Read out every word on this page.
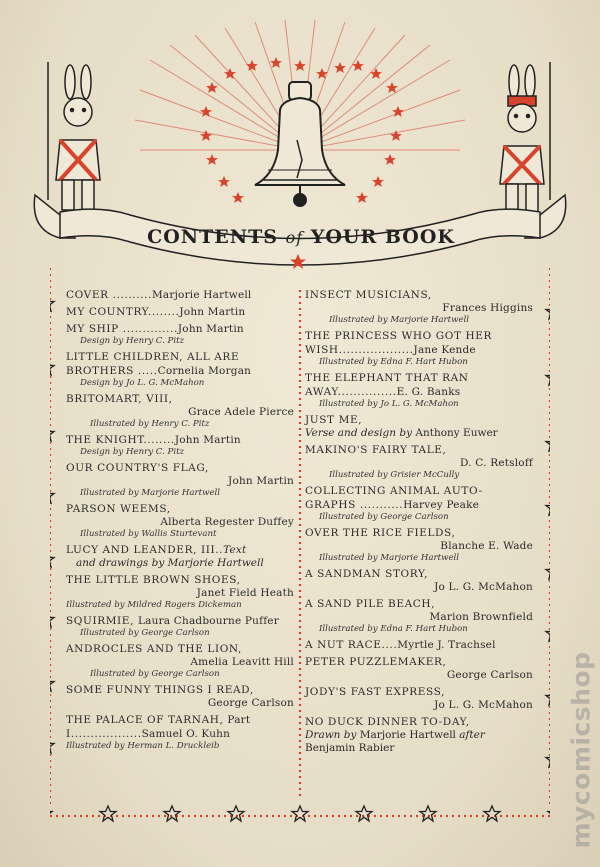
CONTENTS of YOUR BOOK
COVER ..........Marjorie Hartwell
MY COUNTRY........John Martin
MY SHIP ..............John Martin
Design by Henry C. Pitz
LITTLE CHILDREN, ALL ARE
BROTHERS .....Cornelia Morgan
Design by Jo L. G. McMahon
BRITOMART, VIII,
Grace Adele Pierce
Illustrated by Henry C. Pitz
THE KNIGHT........John Martin
Design by Henry C. Pitz
OUR COUNTRY'S FLAG,
John Martin
Illustrated by Marjorie Hartwell
PARSON WEEMS,
Alberta Regester Duffey
Illustrated by Wallis Sturtevant
LUCY AND LEANDER, III..Text
and drawings by Marjorie Hartwell
THE LITTLE BROWN SHOES,
Janet Field Heath
Illustrated by Mildred Rogers Dickeman
SQUIRMIE, Laura Chadbourne Puffer
Illustrated by George Carlson
ANDROCLES AND THE LION,
Amelia Leavitt Hill
Illustrated by George Carlson
SOME FUNNY THINGS I READ,
George Carlson
THE PALACE OF TARNAH, Part
I..................Samuel O. Kuhn
Illustrated by Herman L. Druckleib
INSECT MUSICIANS,
Frances Higgins
Illustrated by Marjorie Hartwell
THE PRINCESS WHO GOT HER
WISH...................Jane Kende
Illustrated by Edna F. Hart Hubon
THE ELEPHANT THAT RAN
AWAY...............E. G. Banks
Illustrated by Jo L. G. McMahon
JUST ME,
Verse and design by Anthony Euwer
MAKINO'S FAIRY TALE,
D. C. Retsloff
Illustrated by Grisier McCully
COLLECTING ANIMAL AUTO-
GRAPHS ...........Harvey Peake
Illustrated by George Carlson
OVER THE RICE FIELDS,
Blanche E. Wade
Illustrated by Marjorie Hartwell
A SANDMAN STORY,
Jo L. G. McMahon
A SAND PILE BEACH,
Marion Brownfield
Illustrated by Edna F. Hart Hubon
A NUT RACE....Myrtle J. Trachsel
PETER PUZZLEMAKER,
George Carlson
JODY'S FAST EXPRESS,
Jo L. G. McMahon
NO DUCK DINNER TO-DAY,
Drawn by Marjorie Hartwell after
Benjamin Rabier	mycomicshop
